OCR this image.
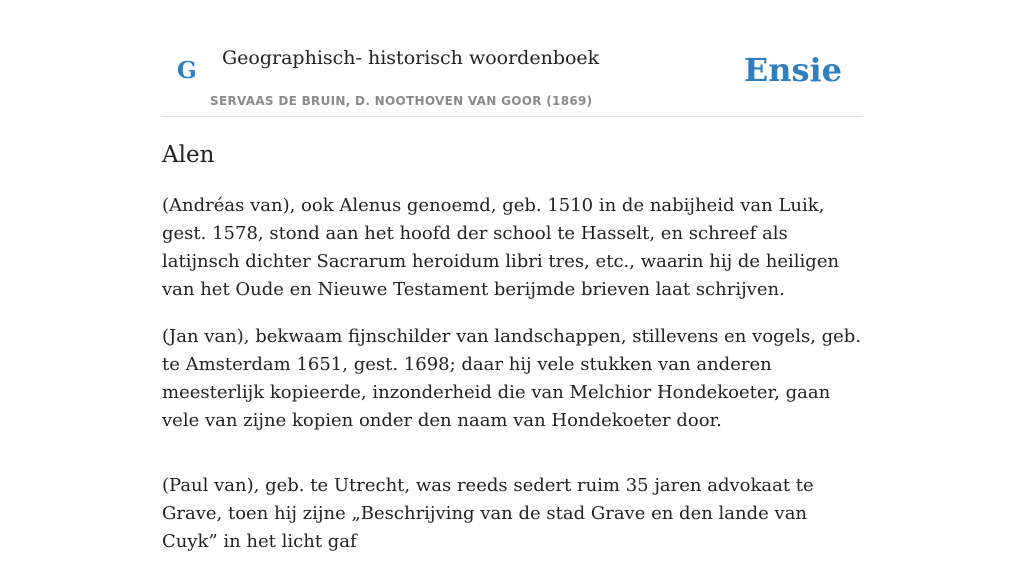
G Geographisch- historisch woordenboek
SERVAAS DE BRUIN, D. NOOTHOVEN VAN GOOR (1869)
Ensie
Alen

(Andréas van), ook Alenus genoemd, geb. 1510 in de nabijheid van Luik, gest. 1578, stond aan het hoofd der school te Hasselt, en schreef als latijnsch dichter Sacrarum heroidum libri tres, etc., waarin hij de heiligen van het Oude en Nieuwe Testament berijmde brieven laat schrijven.

(Jan van), bekwaam fijnschilder van landschappen, stillevens en vogels, geb. te Amsterdam 1651, gest. 1698; daar hij vele stukken van anderen meesterlijk kopieerde, inzonderheid die van Melchior Hondekoeter, gaan vele van zijne kopien onder den naam van Hondekoeter door.

(Paul van), geb. te Utrecht, was reeds sedert ruim 35 jaren advokaat te Grave, toen hij zijne „Beschrijving van de stad Grave en den lande van Cuyk” in het licht gaf
